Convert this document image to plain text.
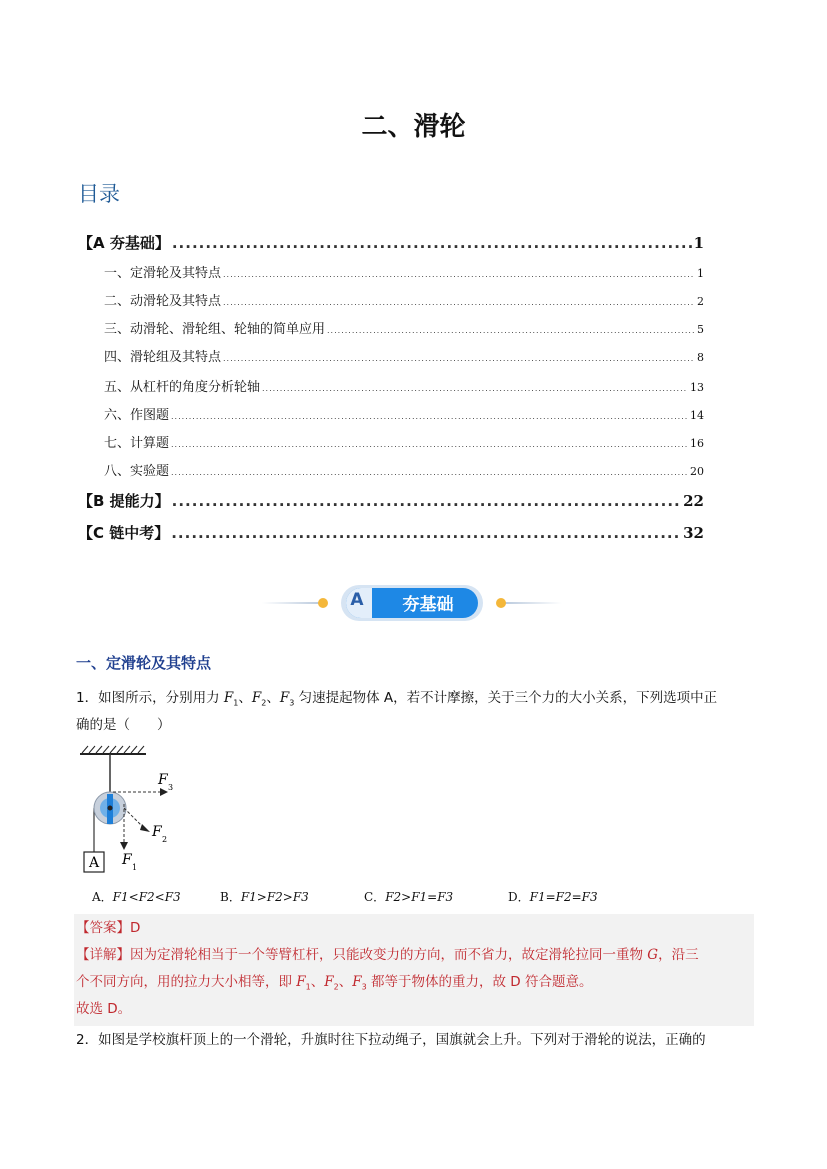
二、滑轮
目录
【A 夯基础】 .....	1
一、定滑轮及其特点 .....	1
二、动滑轮及其特点 .....	2
三、动滑轮、滑轮组、轮轴的简单应用 .....	5
四、滑轮组及其特点 .....	8
五、从杠杆的角度分析轮轴 .....	13
六、作图题 .....	14
七、计算题 .....	16
八、实验题 .....	20
【B 提能力】 .....	22
【C 链中考】 .....	32
A	夯基础
一、定滑轮及其特点
1．如图所示，分别用力 $F_1$、$F_2$、$F_3$ 匀速提起物体 A，若不计摩擦，关于三个力的大小关系，下列选项中正
确的是（　　）
A
F 3
F 2
F 1
A．F1<F2<F3	B．F1>F2>F3	C．F2>F1=F3	D．F1=F2=F3
【答案】D
【详解】因为定滑轮相当于一个等臂杠杆，只能改变力的方向，而不省力，故定滑轮拉同一重物 G，沿三
个不同方向，用的拉力大小相等，即 $F_1$、$F_2$、$F_3$ 都等于物体的重力，故 D 符合题意。
故选 D。
2．如图是学校旗杆顶上的一个滑轮，升旗时往下拉动绳子，国旗就会上升。下列对于滑轮的说法，正确的
